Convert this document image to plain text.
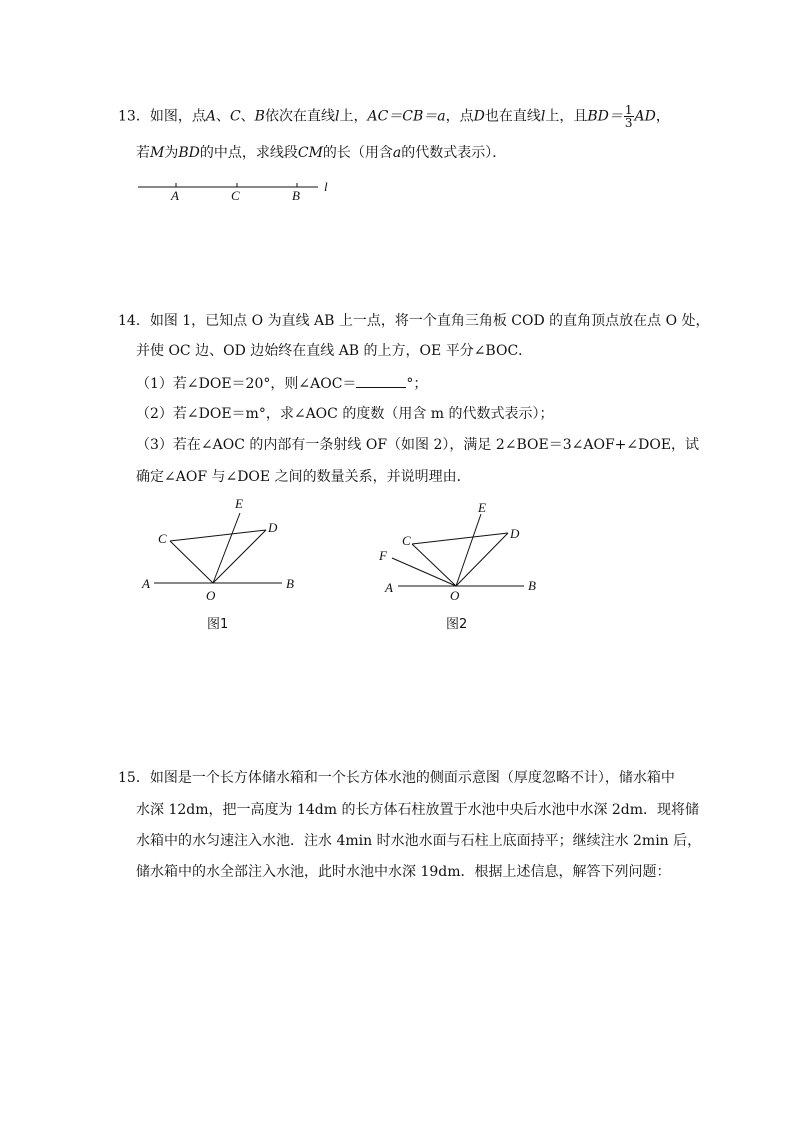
13．如图，点A、C、B依次在直线l上，AC＝CB＝a，点D也在直线l上，且$BD= \frac{1}{3}$ AD，
若M为BD的中点，求线段CM的长（用含a的代数式表示）．
A	C	B
l
14．如图 1，已知点 O 为直线 AB 上一点，将一个直角三角板 COD 的直角顶点放在点 O 处，
并使 OC 边、OD 边始终在直线 AB 的上方，OE 平分∠BOC．
（1）若∠DOE＝20°，则∠AOC＝	°；
（2）若∠DOE＝m°，求∠AOC 的度数（用含 m 的代数式表示）；
（3）若在∠AOC 的内部有一条射线 OF（如图 2），满足 2∠BOE＝3∠AOF+∠DOE，试
确定∠AOF 与∠DOE 之间的数量关系，并说明理由．
E
C
D
A
O
B
图1
E
C	D
F
A
O
B
图2
15．如图是一个长方体储水箱和一个长方体水池的侧面示意图（厚度忽略不计），储水箱中
水深 12dm，把一高度为 14dm 的长方体石柱放置于水池中央后水池中水深 2dm．现将储
水箱中的水匀速注入水池．注水 4min 时水池水面与石柱上底面持平；继续注水 2min 后，
储水箱中的水全部注入水池，此时水池中水深 19dm．根据上述信息，解答下列问题：
